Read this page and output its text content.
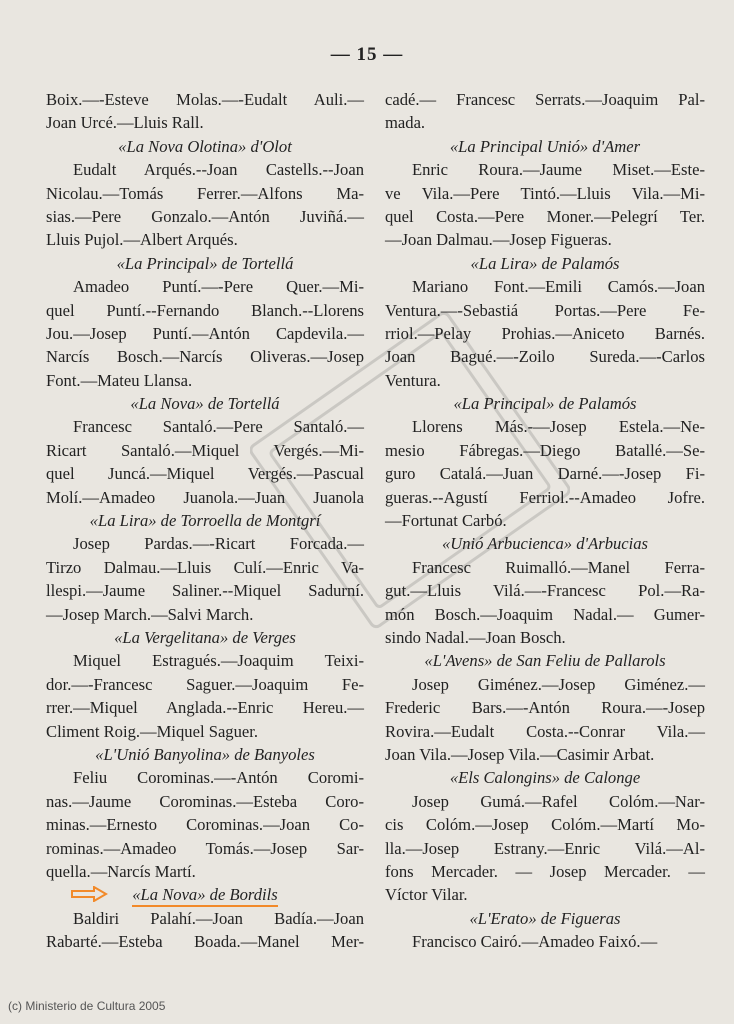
— 15 —
Boix.—-Esteve Molas.—-Eudalt Auli.—
Joan Urcé.—Lluis Rall.
«La Nova Olotina» d'Olot
Eudalt Arqués.--Joan Castells.--Joan
Nicolau.—Tomás Ferrer.—Alfons Ma-
sias.—Pere Gonzalo.—Antón Juviñá.—
Lluis Pujol.—Albert Arqués.
«La Principal» de Tortellá
Amadeo Puntí.—-Pere Quer.—Mi-
quel Puntí.--Fernando Blanch.--Llorens
Jou.—Josep Puntí.—Antón Capdevila.—
Narcís Bosch.—Narcís Oliveras.—Josep
Font.—Mateu Llansa.
«La Nova» de Tortellá
Francesc Santaló.—Pere Santaló.—
Ricart Santaló.—Miquel Vergés.—Mi-
quel Juncá.—Miquel Vergés.—Pascual
Molí.—Amadeo Juanola.—Juan Juanola
«La Lira» de Torroella de Montgrí
Josep Pardas.—-Ricart Forcada.—
Tirzo Dalmau.—Lluis Culí.—Enric Va-
llespi.—Jaume Saliner.--Miquel Sadurní.
—Josep March.—Salvi March.
«La Vergelitana» de Verges
Miquel Estragués.—Joaquim Teixi-
dor.—-Francesc Saguer.—Joaquim Fe-
rrer.—Miquel Anglada.--Enric Hereu.—
Climent Roig.—Miquel Saguer.
«L'Unió Banyolina» de Banyoles
Feliu Corominas.—-Antón Coromi-
nas.—Jaume Corominas.—Esteba Coro-
minas.—Ernesto Corominas.—Joan Co-
rominas.—Amadeo Tomás.—Josep Sar-
quella.—Narcís Martí.
«La Nova» de Bordils
Baldiri Palahí.—Joan Badía.—Joan
Rabarté.—Esteba Boada.—Manel Mer-
cadé.— Francesc Serrats.—Joaquim Pal-
mada.
«La Principal Unió» d'Amer
Enric Roura.—Jaume Miset.—Este-
ve Vila.—Pere Tintó.—Lluis Vila.—Mi-
quel Costa.—Pere Moner.—Pelegrí Ter.
—Joan Dalmau.—Josep Figueras.
«La Lira» de Palamós
Mariano Font.—Emili Camós.—Joan
Ventura.—-Sebastiá Portas.—Pere Fe-
rriol.—Pelay Prohias.—Aniceto Barnés.
Joan Bagué.—-Zoilo Sureda.—-Carlos
Ventura.
«La Principal» de Palamós
Llorens Más.-—Josep Estela.—Ne-
mesio Fábregas.—Diego Batallé.—Se-
guro Catalá.—Juan Darné.—-Josep Fi-
gueras.--Agustí Ferriol.--Amadeo Jofre.
—Fortunat Carbó.
«Unió Arbucienca» d'Arbucias
Francesc Ruimalló.—Manel Ferra-
gut.—Lluis Vilá.—-Francesc Pol.—Ra-
món Bosch.—Joaquim Nadal.— Gumer-
sindo Nadal.—Joan Bosch.
«L'Avens» de San Feliu de Pallarols
Josep Giménez.—Josep Giménez.—
Frederic Bars.—-Antón Roura.—-Josep
Rovira.—Eudalt Costa.--Conrar Vila.—
Joan Vila.—Josep Vila.—Casimir Arbat.
«Els Calongins» de Calonge
Josep Gumá.—Rafel Colóm.—Nar-
cis Colóm.—Josep Colóm.—Martí Mo-
lla.—Josep Estrany.—Enric Vilá.—Al-
fons Mercader. — Josep Mercader. —
Víctor Vilar.
«L'Erato» de Figueras
Francisco Cairó.—Amadeo Faixó.—
(c) Ministerio de Cultura 2005
